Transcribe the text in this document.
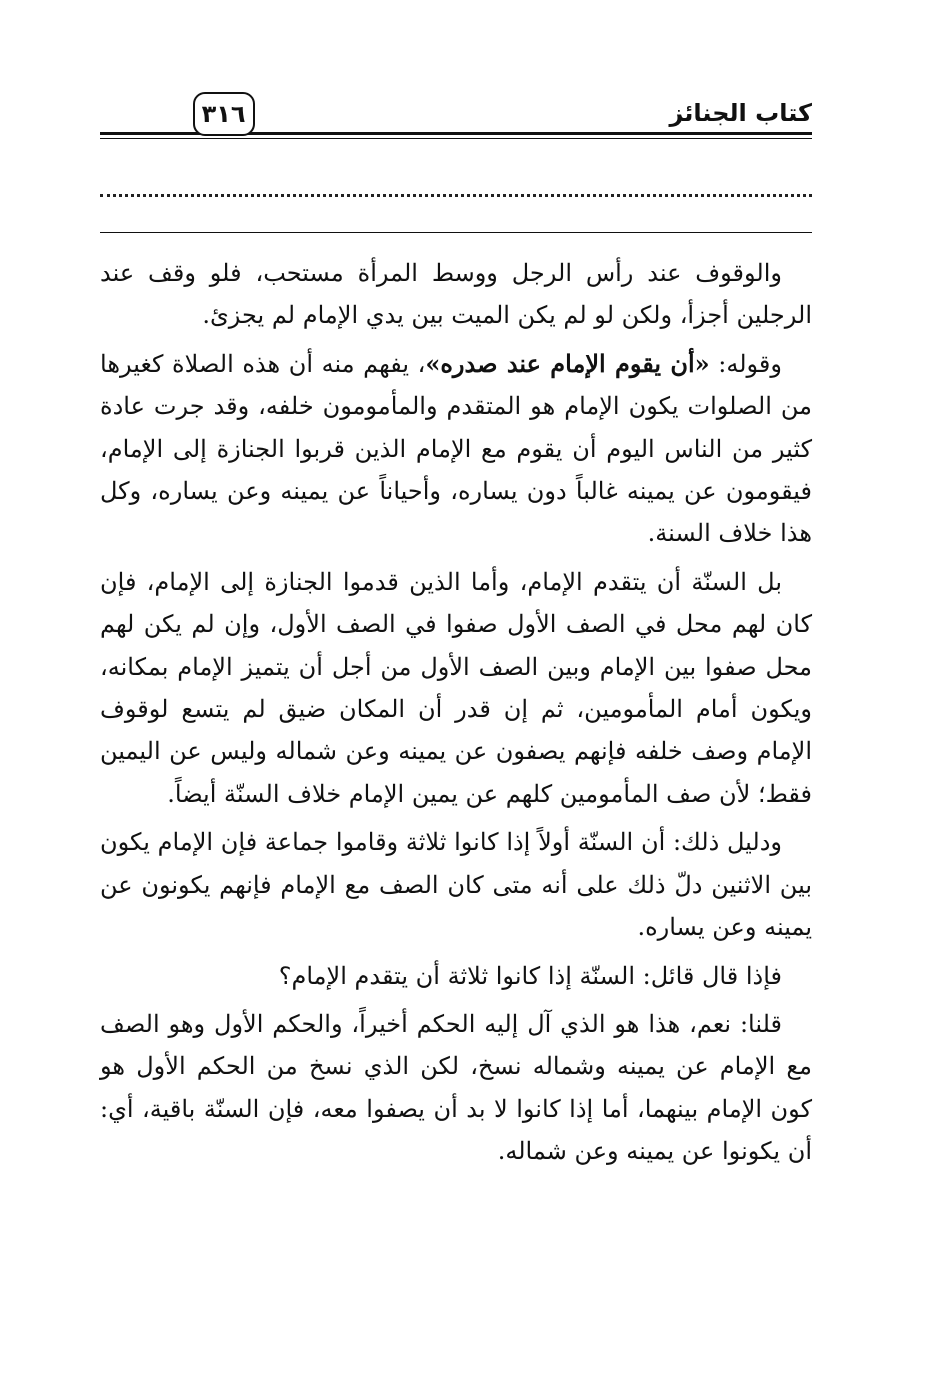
كتاب الجنائز
٣١٦

والوقوف عند رأس الرجل ووسط المرأة مستحب، فلو وقف عند الرجلين أجزأ، ولكن لو لم يكن الميت بين يدي الإمام لم يجزئ.

وقوله: «أن يقوم الإمام عند صدره»، يفهم منه أن هذه الصلاة كغيرها من الصلوات يكون الإمام هو المتقدم والمأمومون خلفه، وقد جرت عادة كثير من الناس اليوم أن يقوم مع الإمام الذين قربوا الجنازة إلى الإمام، فيقومون عن يمينه غالباً دون يساره، وأحياناً عن يمينه وعن يساره، وكل هذا خلاف السنة.

بل السنّة أن يتقدم الإمام، وأما الذين قدموا الجنازة إلى الإمام، فإن كان لهم محل في الصف الأول صفوا في الصف الأول، وإن لم يكن لهم محل صفوا بين الإمام وبين الصف الأول من أجل أن يتميز الإمام بمكانه، ويكون أمام المأمومين، ثم إن قدر أن المكان ضيق لم يتسع لوقوف الإمام وصف خلفه فإنهم يصفون عن يمينه وعن شماله وليس عن اليمين فقط؛ لأن صف المأمومين كلهم عن يمين الإمام خلاف السنّة أيضاً.

ودليل ذلك: أن السنّة أولاً إذا كانوا ثلاثة وقاموا جماعة فإن الإمام يكون بين الاثنين دلّ ذلك على أنه متى كان الصف مع الإمام فإنهم يكونون عن يمينه وعن يساره.

فإذا قال قائل: السنّة إذا كانوا ثلاثة أن يتقدم الإمام؟

قلنا: نعم، هذا هو الذي آل إليه الحكم أخيراً، والحكم الأول وهو الصف مع الإمام عن يمينه وشماله نسخ، لكن الذي نسخ من الحكم الأول هو كون الإمام بينهما، أما إذا كانوا لا بد أن يصفوا معه، فإن السنّة باقية، أي: أن يكونوا عن يمينه وعن شماله.
